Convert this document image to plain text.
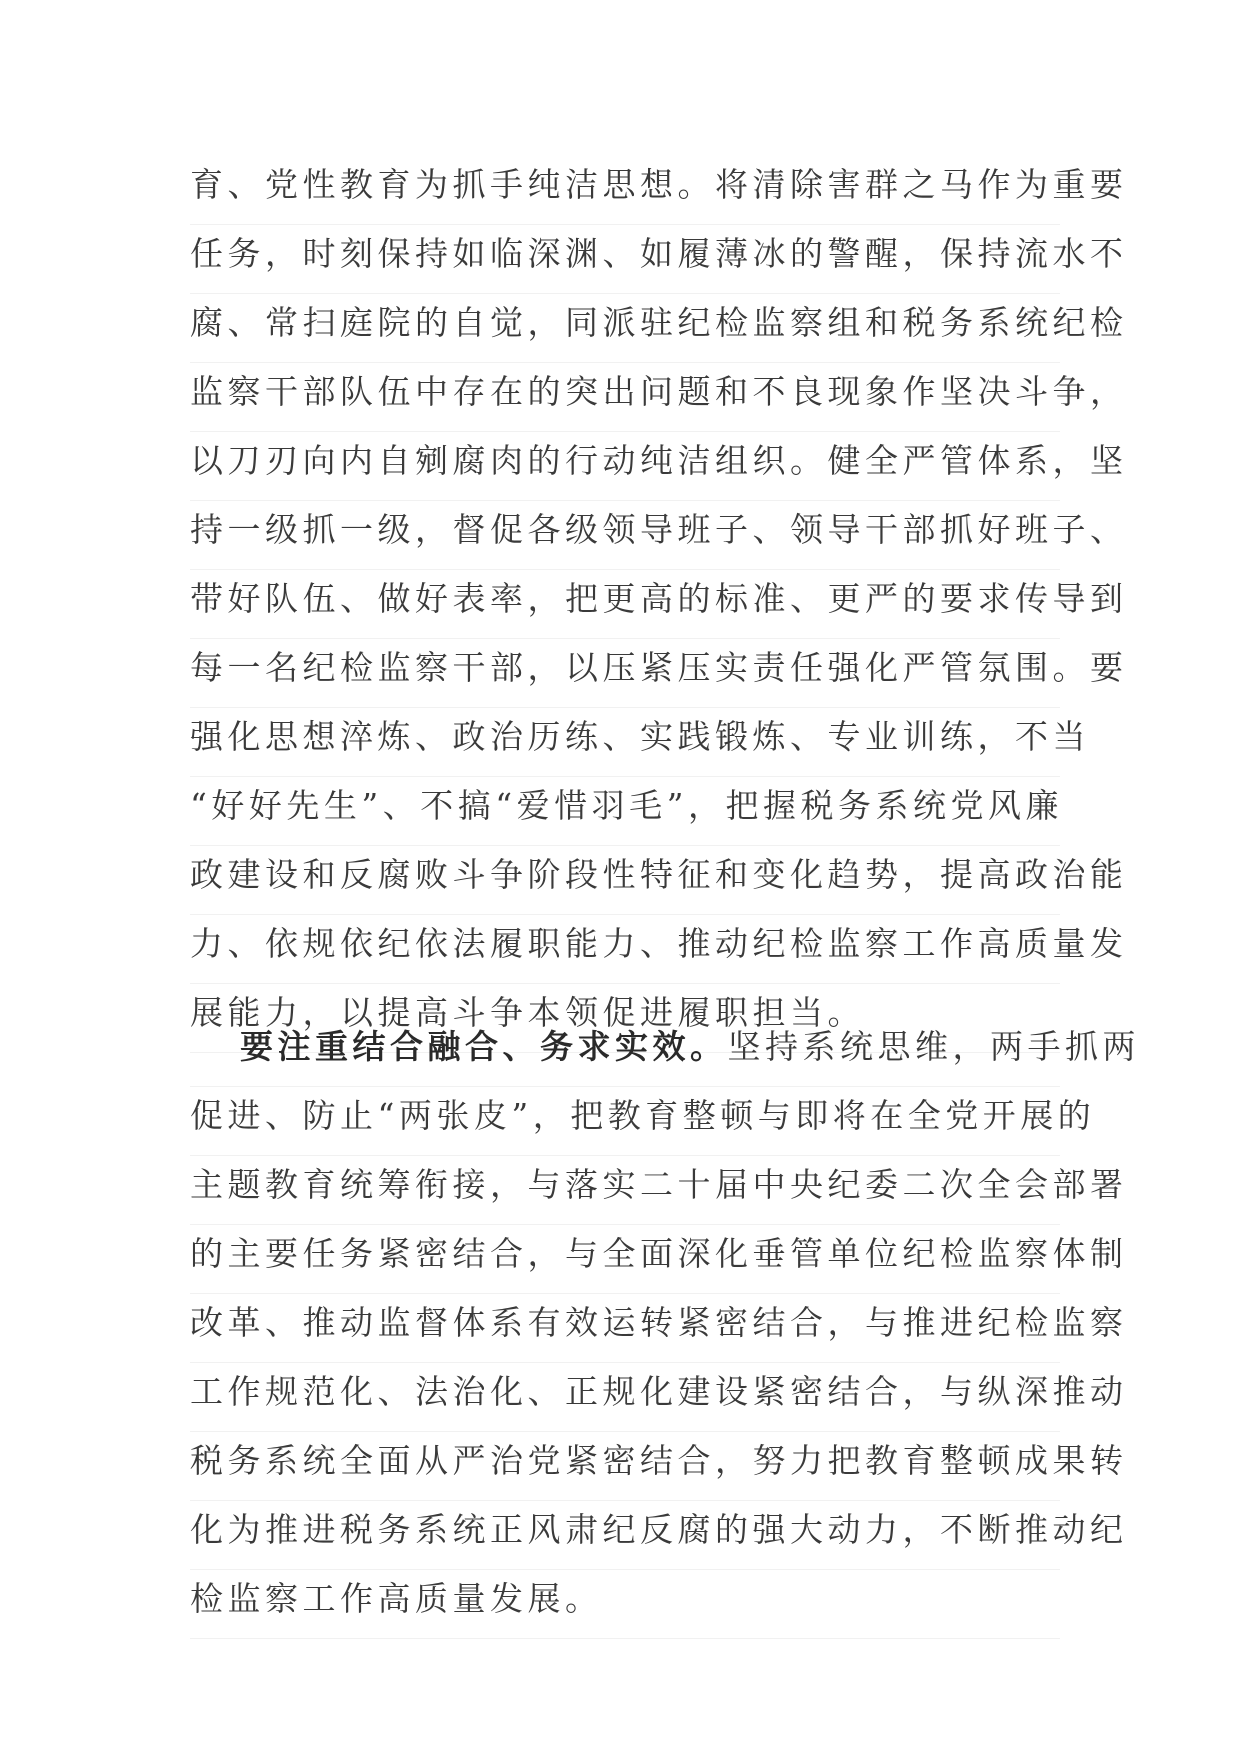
育、党性教育为抓手纯洁思想。将清除害群之马作为重要
任务，时刻保持如临深渊、如履薄冰的警醒，保持流水不
腐、常扫庭院的自觉，同派驻纪检监察组和税务系统纪检
监察干部队伍中存在的突出问题和不良现象作坚决斗争，
以刀刃向内自剜腐肉的行动纯洁组织。健全严管体系，坚
持一级抓一级，督促各级领导班子、领导干部抓好班子、
带好队伍、做好表率，把更高的标准、更严的要求传导到
每一名纪检监察干部，以压紧压实责任强化严管氛围。要
强化思想淬炼、政治历练、实践锻炼、专业训练，不当
“好好先生”、不搞“爱惜羽毛”，把握税务系统党风廉
政建设和反腐败斗争阶段性特征和变化趋势，提高政治能
力、依规依纪依法履职能力、推动纪检监察工作高质量发
展能力，以提高斗争本领促进履职担当。
要注重结合融合、务求实效。坚持系统思维，两手抓两
促进、防止“两张皮”，把教育整顿与即将在全党开展的
主题教育统筹衔接，与落实二十届中央纪委二次全会部署
的主要任务紧密结合，与全面深化垂管单位纪检监察体制
改革、推动监督体系有效运转紧密结合，与推进纪检监察
工作规范化、法治化、正规化建设紧密结合，与纵深推动
税务系统全面从严治党紧密结合，努力把教育整顿成果转
化为推进税务系统正风肃纪反腐的强大动力，不断推动纪
检监察工作高质量发展。
